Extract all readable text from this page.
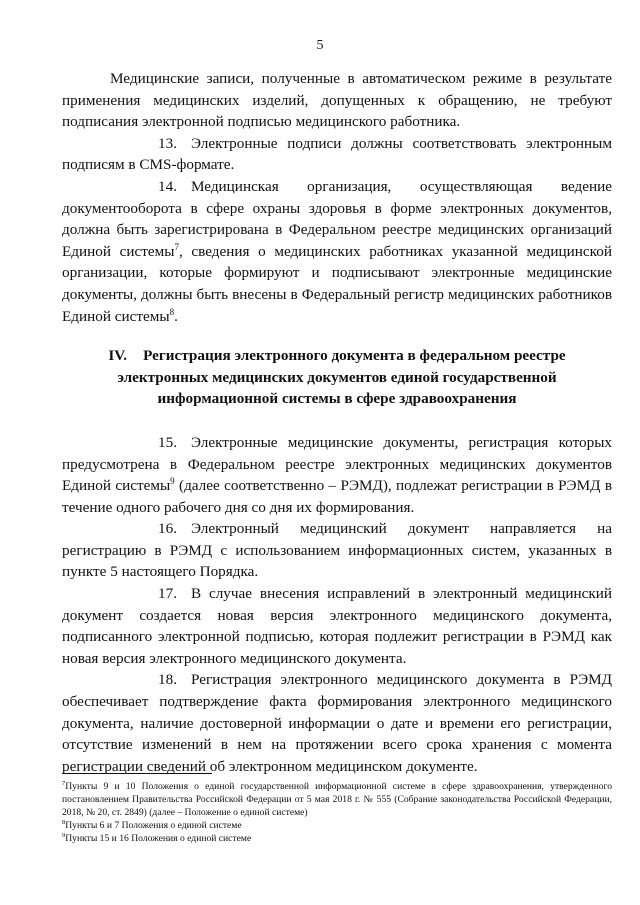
5

Медицинские записи, полученные в автоматическом режиме в результате применения медицинских изделий, допущенных к обращению, не требуют подписания электронной подписью медицинского работника.

13. Электронные подписи должны соответствовать электронным подписям в CMS-формате.

14. Медицинская организация, осуществляющая ведение документооборота в сфере охраны здоровья в форме электронных документов, должна быть зарегистрирована в Федеральном реестре медицинских организаций Единой системы$^7$, сведения о медицинских работниках указанной медицинской организации, которые формируют и подписывают электронные медицинские документы, должны быть внесены в Федеральный регистр медицинских работников Единой системы$^8$.

IV. Регистрация электронного документа в федеральном реестре электронных медицинских документов единой государственной информационной системы в сфере здравоохранения

15. Электронные медицинские документы, регистрация которых предусмотрена в Федеральном реестре электронных медицинских документов Единой системы$^9$ (далее соответственно – РЭМД), подлежат регистрации в РЭМД в течение одного рабочего дня со дня их формирования.

16. Электронный медицинский документ направляется на регистрацию в РЭМД с использованием информационных систем, указанных в пункте 5 настоящего Порядка.

17. В случае внесения исправлений в электронный медицинский документ создается новая версия электронного медицинского документа, подписанного электронной подписью, которая подлежит регистрации в РЭМД как новая версия электронного медицинского документа.

18. Регистрация электронного медицинского документа в РЭМД обеспечивает подтверждение факта формирования электронного медицинского документа, наличие достоверной информации о дате и времени его регистрации, отсутствие изменений в нем на протяжении всего срока хранения с момента регистрации сведений об электронном медицинском документе.

$^7$Пункты 9 и 10 Положения о единой государственной информационной системе в сфере здравоохранения, утвержденного постановлением Правительства Российской Федерации от 5 мая 2018 г. № 555 (Собрание законодательства Российской Федерации, 2018, № 20, ст. 2849) (далее – Положение о единой системе)

$^8$Пункты 6 и 7 Положения о единой системе

$^9$Пункты 15 и 16 Положения о единой системе
